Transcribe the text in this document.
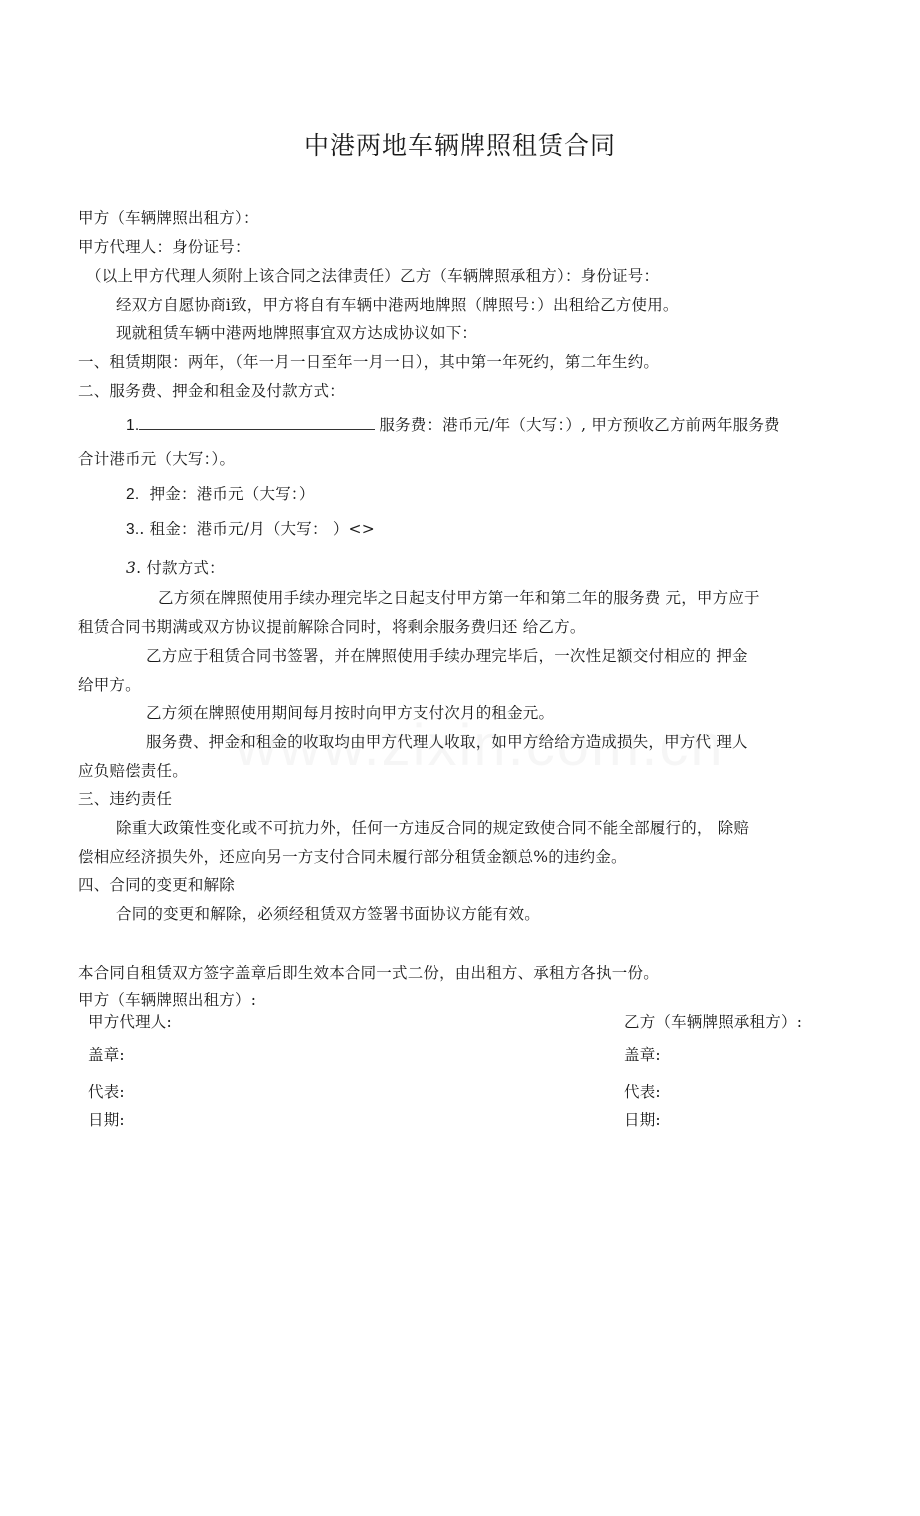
中港两地车辆牌照租赁合同
甲方（车辆牌照出租方）：
甲方代理人：身份证号：
（以上甲方代理人须附上该合同之法律责任）乙方（车辆牌照承租方）：身份证号：
经双方自愿协商i致，甲方将自有车辆中港两地牌照（牌照号：）出租给乙方使用。
现就租赁车辆中港两地牌照事宜双方达成协议如下：
一、租赁期限：两年，（年一月一日至年一月一日），其中第一年死约，第二年生约。
二、服务费、押金和租金及付款方式：
1.	服务费：港币元/年（大写：）, 甲方预收乙方前两年服务费
合计港币元（大写：）。
2. 押金：港币元（大写：）
3.. 租金：港币元/月（大写： ）<>
3. 付款方式：
乙方须在牌照使用手续办理完毕之日起支付甲方第一年和第二年的服务费 元，甲方应于
租赁合同书期满或双方协议提前解除合同时，将剩余服务费归还 给乙方。
乙方应于租赁合同书签署，并在牌照使用手续办理完毕后，一次性足额交付相应的 押金
给甲方。
乙方须在牌照使用期间每月按时向甲方支付次月的租金元。
服务费、押金和租金的收取均由甲方代理人收取，如甲方给给方造成损失，甲方代 理人
应负赔偿责任。
三、违约责任
除重大政策性变化或不可抗力外，任何一方违反合同的规定致使合同不能全部履行的， 除赔
偿相应经济损失外，还应向另一方支付合同未履行部分租赁金额总%的违约金。
四、合同的变更和解除
合同的变更和解除，必须经租赁双方签署书面协议方能有效。
本合同自租赁双方签字盖章后即生效本合同一式二份，由出租方、承租方各执一份。
甲方（车辆牌照出租方）:
甲方代理人:	乙方（车辆牌照承租方）:
盖章:	盖章:
代表:	代表:
日期:	日期:
